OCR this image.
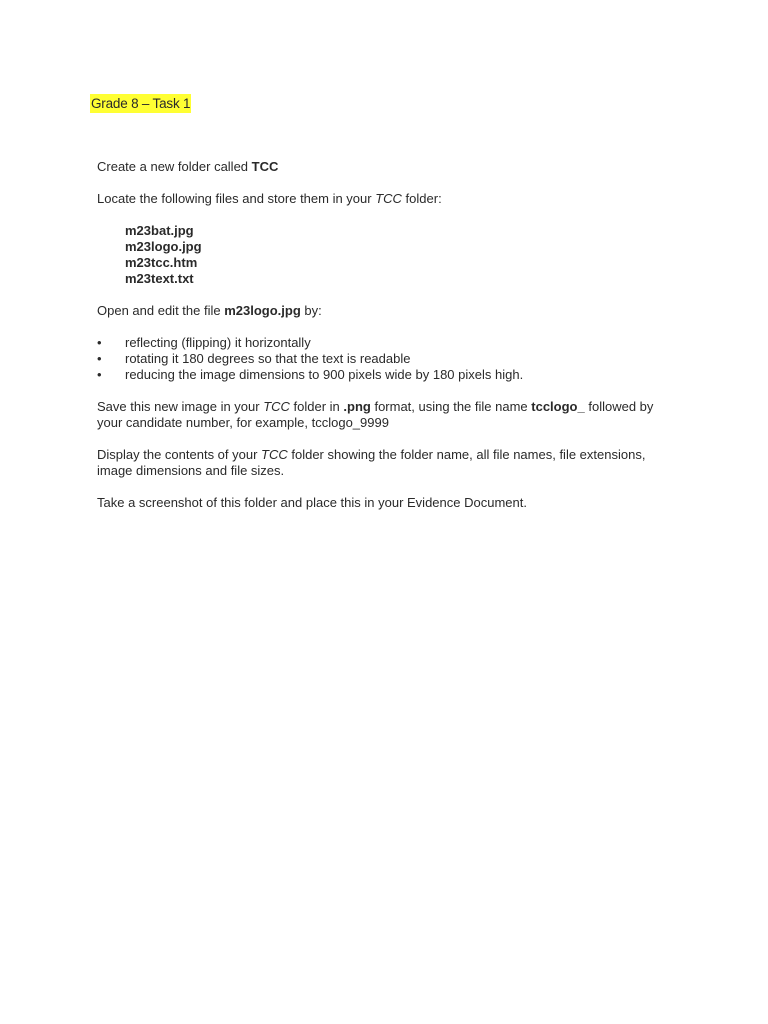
Grade 8 – Task 1

Create a new folder called TCC

Locate the following files and store them in your TCC folder:

m23bat.jpg
m23logo.jpg
m23tcc.htm
m23text.txt

Open and edit the file m23logo.jpg by:

• reflecting (flipping) it horizontally
• rotating it 180 degrees so that the text is readable
• reducing the image dimensions to 900 pixels wide by 180 pixels high.

Save this new image in your TCC folder in .png format, using the file name tcclogo_ followed by
your candidate number, for example, tcclogo_9999

Display the contents of your TCC folder showing the folder name, all file names, file extensions,
image dimensions and file sizes.

Take a screenshot of this folder and place this in your Evidence Document.
